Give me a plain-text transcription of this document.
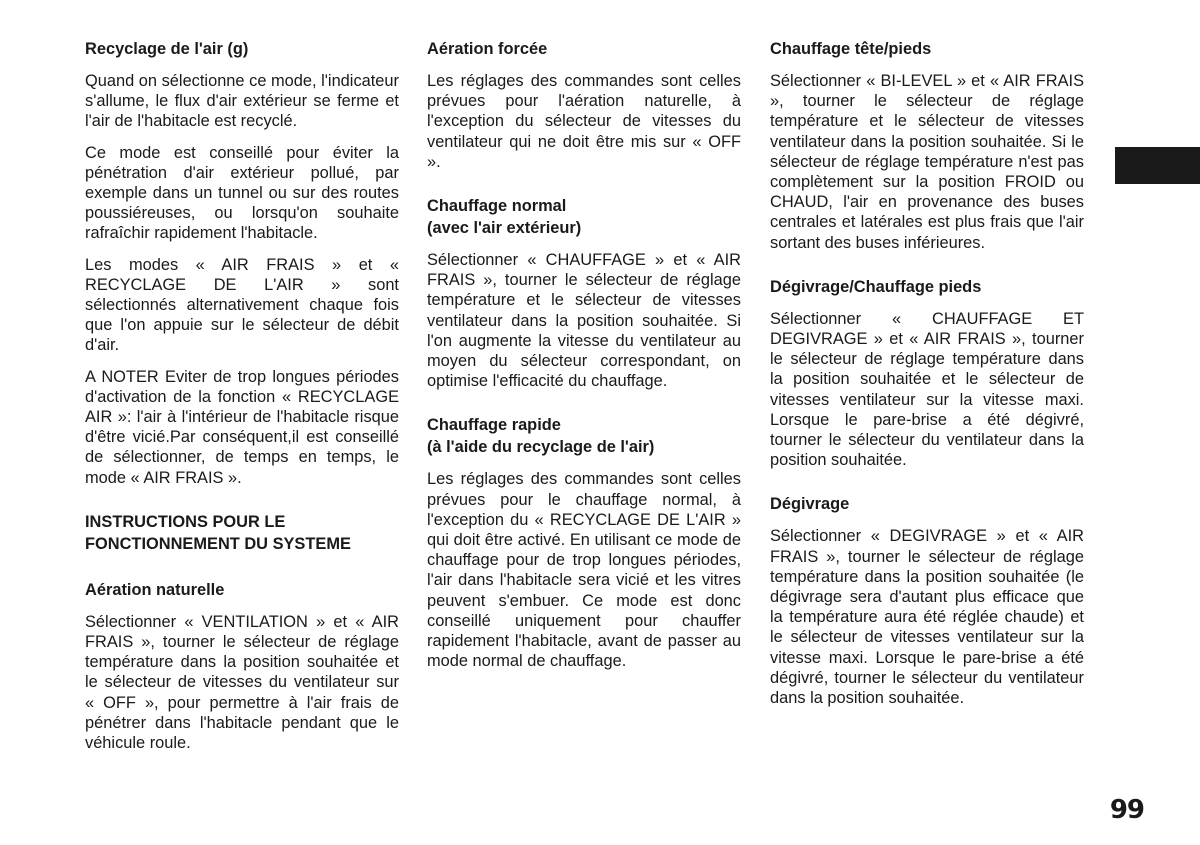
Recyclage de l'air (g)

Quand on sélectionne ce mode, l'indicateur s'allume, le flux d'air extérieur se ferme et l'air de l'habitacle est recyclé.

Ce mode est conseillé pour éviter la pénétration d'air extérieur pollué, par exemple dans un tunnel ou sur des routes poussiéreuses, ou lorsqu'on souhaite rafraîchir rapidement l'habitacle.

Les modes « AIR FRAIS » et « RECYCLAGE DE L'AIR » sont sélectionnés alternativement chaque fois que l'on appuie sur le sélecteur de débit d'air.

A NOTER Eviter de trop longues périodes d'activation de la fonction « RECYCLAGE AIR »: l'air à l'intérieur de l'habitacle risque d'être vicié.Par conséquent,il est conseillé de sélectionner, de temps en temps, le mode « AIR FRAIS ».

INSTRUCTIONS POUR LE FONCTIONNEMENT DU SYSTEME
Aération naturelle

Sélectionner « VENTILATION » et « AIR FRAIS », tourner le sélecteur de réglage température dans la position souhaitée et le sélecteur de vitesses du ventilateur sur « OFF », pour permettre à l'air frais de pénétrer dans l'habitacle pendant que le véhicule roule.

Aération forcée

Les réglages des commandes sont celles prévues pour l'aération naturelle, à l'exception du sélecteur de vitesses du ventilateur qui ne doit être mis sur « OFF ».

Chauffage normal
(avec l'air extérieur)

Sélectionner « CHAUFFAGE » et « AIR FRAIS », tourner le sélecteur de réglage température et le sélecteur de vitesses ventilateur dans la position souhaitée. Si l'on augmente la vitesse du ventilateur au moyen du sélecteur correspondant, on optimise l'efficacité du chauffage.

Chauffage rapide
(à l'aide du recyclage de l'air)

Les réglages des commandes sont celles prévues pour le chauffage normal, à l'exception du « RECYCLAGE DE L'AIR » qui doit être activé. En utilisant ce mode de chauffage pour de trop longues périodes, l'air dans l'habitacle sera vicié et les vitres peuvent s'embuer. Ce mode est donc conseillé uniquement pour chauffer rapidement l'habitacle, avant de passer au mode normal de chauffage.

Chauffage tête/pieds

Sélectionner « BI-LEVEL » et « AIR FRAIS », tourner le sélecteur de réglage température et le sélecteur de vitesses ventilateur dans la position souhaitée. Si le sélecteur de réglage température n'est pas complètement sur la position FROID ou CHAUD, l'air en provenance des buses centrales et latérales est plus frais que l'air sortant des buses inférieures.

Dégivrage/Chauffage pieds

Sélectionner « CHAUFFAGE ET DEGIVRAGE » et « AIR FRAIS », tourner le sélecteur de réglage température dans la position souhaitée et le sélecteur de vitesses ventilateur sur la vitesse maxi. Lorsque le pare-brise a été dégivré, tourner le sélecteur du ventilateur dans la position souhaitée.

Dégivrage

Sélectionner « DEGIVRAGE » et « AIR FRAIS », tourner le sélecteur de réglage température dans la position souhaitée (le dégivrage sera d'autant plus efficace que la température aura été réglée chaude) et le sélecteur de vitesses ventilateur sur la vitesse maxi. Lorsque le pare-brise a été dégivré, tourner le sélecteur du ventilateur dans la position souhaitée.

99
